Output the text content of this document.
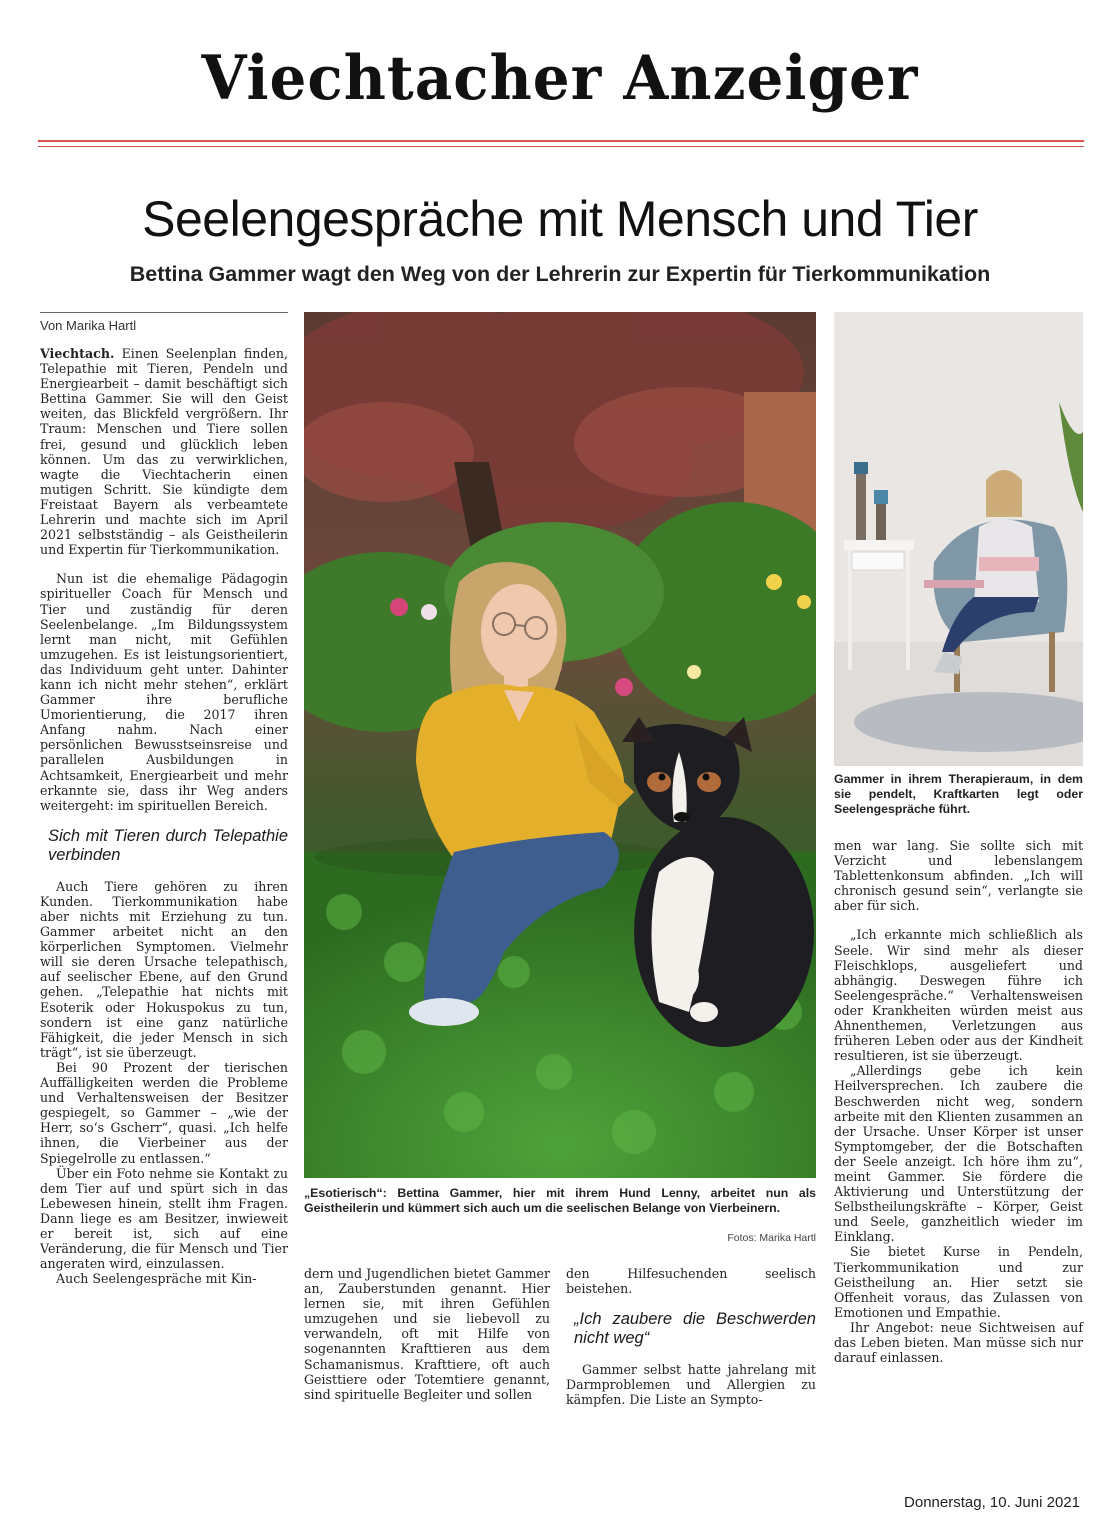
Viechtacher Anzeiger
Seelengespräche mit Mensch und Tier
Bettina Gammer wagt den Weg von der Lehrerin zur Expertin für Tierkommunikation
Von Marika Hartl

Viechtach. Einen Seelenplan finden, Telepathie mit Tieren, Pendeln und Energiearbeit – damit beschäftigt sich Bettina Gammer. Sie will den Geist weiten, das Blickfeld vergrößern. Ihr Traum: Menschen und Tiere sollen frei, gesund und glücklich leben können. Um das zu verwirklichen, wagte die Viechtacherin einen mutigen Schritt. Sie kündigte dem Freistaat Bayern als verbeamtete Lehrerin und machte sich im April 2021 selbstständig – als Geistheilerin und Expertin für Tierkommunikation.

Nun ist die ehemalige Pädagogin spiritueller Coach für Mensch und Tier und zuständig für deren Seelenbelange. „Im Bildungssystem lernt man nicht, mit Gefühlen umzugehen. Es ist leistungsorientiert, das Individuum geht unter. Dahinter kann ich nicht mehr stehen“, erklärt Gammer ihre berufliche Umorientierung, die 2017 ihren Anfang nahm. Nach einer persönlichen Bewusstseinsreise und parallelen Ausbildungen in Achtsamkeit, Energiearbeit und mehr erkannte sie, dass ihr Weg anders weitergeht: im spirituellen Bereich.

Sich mit Tieren durch Telepathie verbinden

Auch Tiere gehören zu ihren Kunden. Tierkommunikation habe aber nichts mit Erziehung zu tun. Gammer arbeitet nicht an den körperlichen Symptomen. Vielmehr will sie deren Ursache telepathisch, auf seelischer Ebene, auf den Grund gehen. „Telepathie hat nichts mit Esoterik oder Hokuspokus zu tun, sondern ist eine ganz natürliche Fähigkeit, die jeder Mensch in sich trägt“, ist sie überzeugt.

Bei 90 Prozent der tierischen Auffälligkeiten werden die Probleme und Verhaltensweisen der Besitzer gespiegelt, so Gammer – „wie der Herr, so‘s Gscherr“, quasi. „Ich helfe ihnen, die Vierbeiner aus der Spiegelrolle zu entlassen.“

Über ein Foto nehme sie Kontakt zu dem Tier auf und spürt sich in das Lebewesen hinein, stellt ihm Fragen. Dann liege es am Besitzer, inwieweit er bereit ist, sich auf eine Veränderung, die für Mensch und Tier angeraten wird, einzulassen.

Auch Seelengespräche mit Kin-

Gammer in ihrem Therapieraum, in dem sie pendelt, Kraftkarten legt oder Seelengespräche führt.
„Esotierisch“: Bettina Gammer, hier mit ihrem Hund Lenny, arbeitet nun als Geistheilerin und kümmert sich auch um die seelischen Belange von Vierbeinern.
Fotos: Marika Hartl

dern und Jugendlichen bietet Gammer an, Zauberstunden genannt. Hier lernen sie, mit ihren Gefühlen umzugehen und sie liebevoll zu verwandeln, oft mit Hilfe von sogenannten Krafttieren aus dem Schamanismus. Krafttiere, oft auch Geisttiere oder Totemtiere genannt, sind spirituelle Begleiter und sollen

den Hilfesuchenden seelisch beistehen.

„Ich zaubere die Beschwerden nicht weg“

Gammer selbst hatte jahrelang mit Darmproblemen und Allergien zu kämpfen. Die Liste an Sympto-

men war lang. Sie sollte sich mit Verzicht und lebenslangem Tablettenkonsum abfinden. „Ich will chronisch gesund sein“, verlangte sie aber für sich.

„Ich erkannte mich schließlich als Seele. Wir sind mehr als dieser Fleischklops, ausgeliefert und abhängig. Deswegen führe ich Seelengespräche.“ Verhaltensweisen oder Krankheiten würden meist aus Ahnenthemen, Verletzungen aus früheren Leben oder aus der Kindheit resultieren, ist sie überzeugt.

„Allerdings gebe ich kein Heilversprechen. Ich zaubere die Beschwerden nicht weg, sondern arbeite mit den Klienten zusammen an der Ursache. Unser Körper ist unser Symptomgeber, der die Botschaften der Seele anzeigt. Ich höre ihm zu“, meint Gammer. Sie fördere die Aktivierung und Unterstützung der Selbstheilungskräfte – Körper, Geist und Seele, ganzheitlich wieder im Einklang.

Sie bietet Kurse in Pendeln, Tierkommunikation und zur Geistheilung an. Hier setzt sie Offenheit voraus, das Zulassen von Emotionen und Empathie.

Ihr Angebot: neue Sichtweisen auf das Leben bieten. Man müsse sich nur darauf einlassen.

Donnerstag, 10. Juni 2021
